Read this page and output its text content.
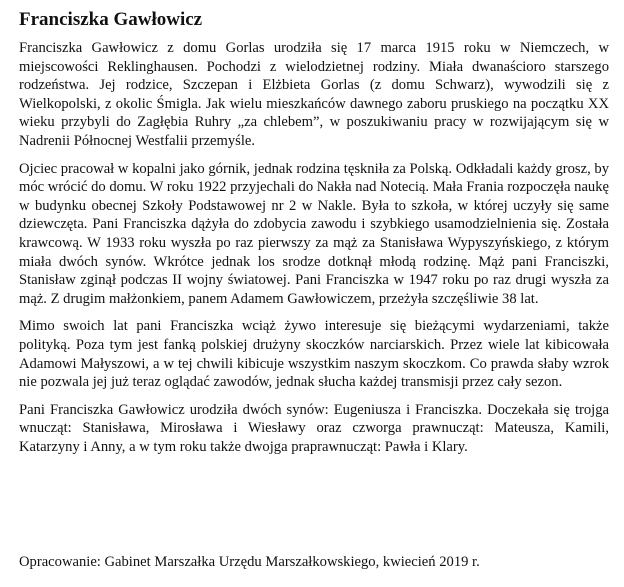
Franciszka Gawłowicz

Franciszka Gawłowicz z domu Gorlas urodziła się 17 marca 1915 roku w Niemczech, w miejscowości Reklinghausen. Pochodzi z wielodzietnej rodziny. Miała dwanaścioro starszego rodzeństwa. Jej rodzice, Szczepan i Elżbieta Gorlas (z domu Schwarz), wywodzili się z Wielkopolski, z okolic Śmigla. Jak wielu mieszkańców dawnego zaboru pruskiego na początku XX wieku przybyli do Zagłębia Ruhry „za chlebem”, w poszukiwaniu pracy w rozwijającym się w Nadrenii Północnej Westfalii przemyśle.

Ojciec pracował w kopalni jako górnik, jednak rodzina tęskniła za Polską. Odkładali każdy grosz, by móc wrócić do domu. W roku 1922 przyjechali do Nakła nad Notecią. Mała Frania rozpoczęła naukę w budynku obecnej Szkoły Podstawowej nr 2 w Nakle. Była to szkoła, w której uczyły się same dziewczęta. Pani Franciszka dążyła do zdobycia zawodu i szybkiego usamodzielnienia się. Została krawcową. W 1933 roku wyszła po raz pierwszy za mąż za Stanisława Wypyszyńskiego, z którym miała dwóch synów. Wkrótce jednak los srodze dotknął młodą rodzinę. Mąż pani Franciszki, Stanisław zginął podczas II wojny światowej. Pani Franciszka w 1947 roku po raz drugi wyszła za mąż. Z drugim małżonkiem, panem Adamem Gawłowiczem, przeżyła szczęśliwie 38 lat.

Mimo swoich lat pani Franciszka wciąż żywo interesuje się bieżącymi wydarzeniami, także polityką. Poza tym jest fanką polskiej drużyny skoczków narciarskich. Przez wiele lat kibicowała Adamowi Małyszowi, a w tej chwili kibicuje wszystkim naszym skoczkom. Co prawda słaby wzrok nie pozwala jej już teraz oglądać zawodów, jednak słucha każdej transmisji przez cały sezon.

Pani Franciszka Gawłowicz urodziła dwóch synów: Eugeniusza i Franciszka. Doczekała się trojga wnucząt: Stanisława, Mirosława i Wiesławy oraz czworga prawnucząt: Mateusza, Kamili, Katarzyny i Anny, a w tym roku także dwojga praprawnucząt: Pawła i Klary.

Opracowanie: Gabinet Marszałka Urzędu Marszałkowskiego, kwiecień 2019 r.
